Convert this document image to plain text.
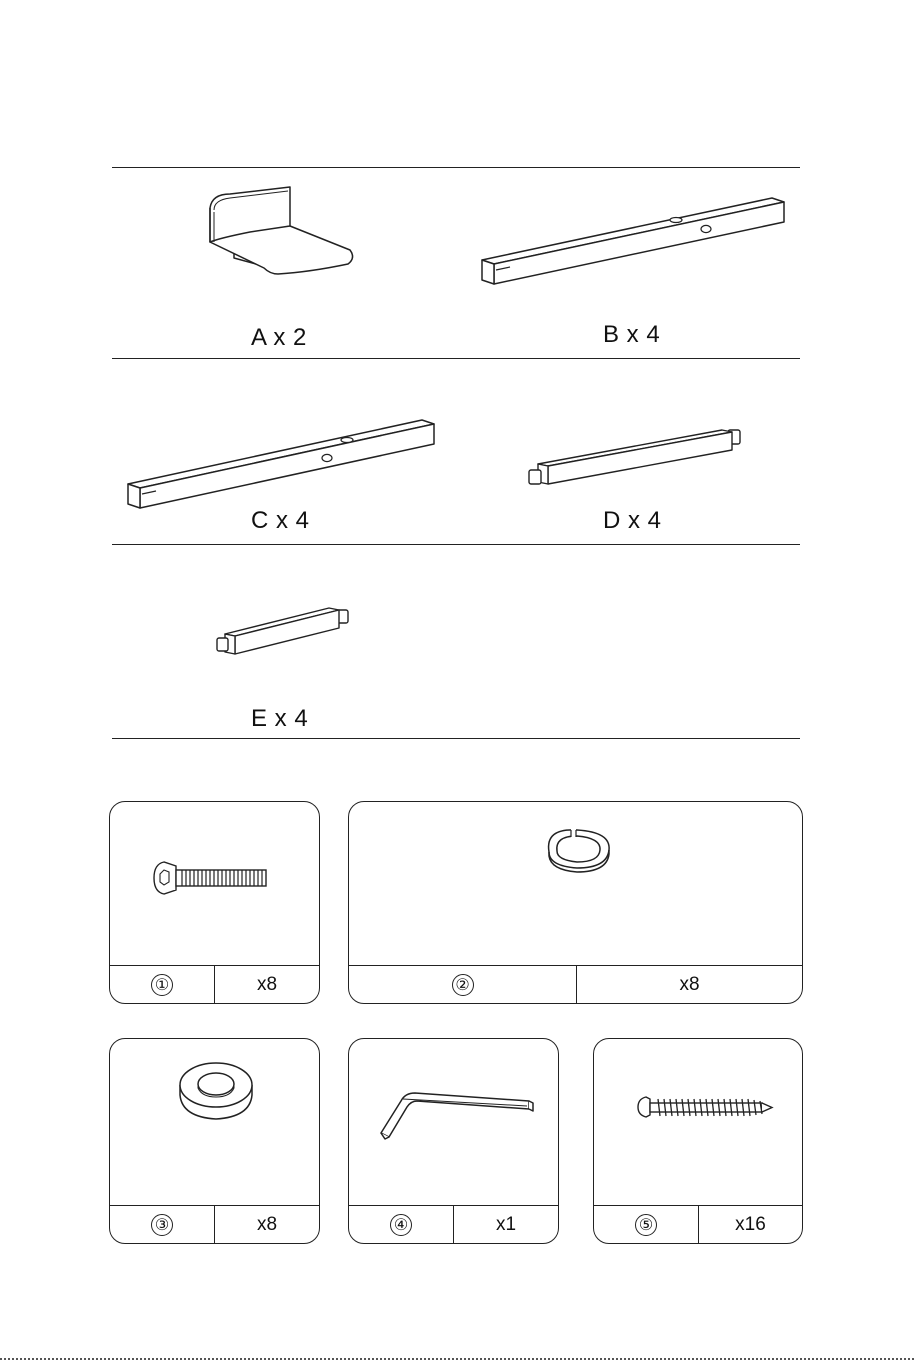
A x 2	B x 4
C x 4	D x 4
E x 4
①	x8	②	x8
③	x8	④	x1	⑤	x16
